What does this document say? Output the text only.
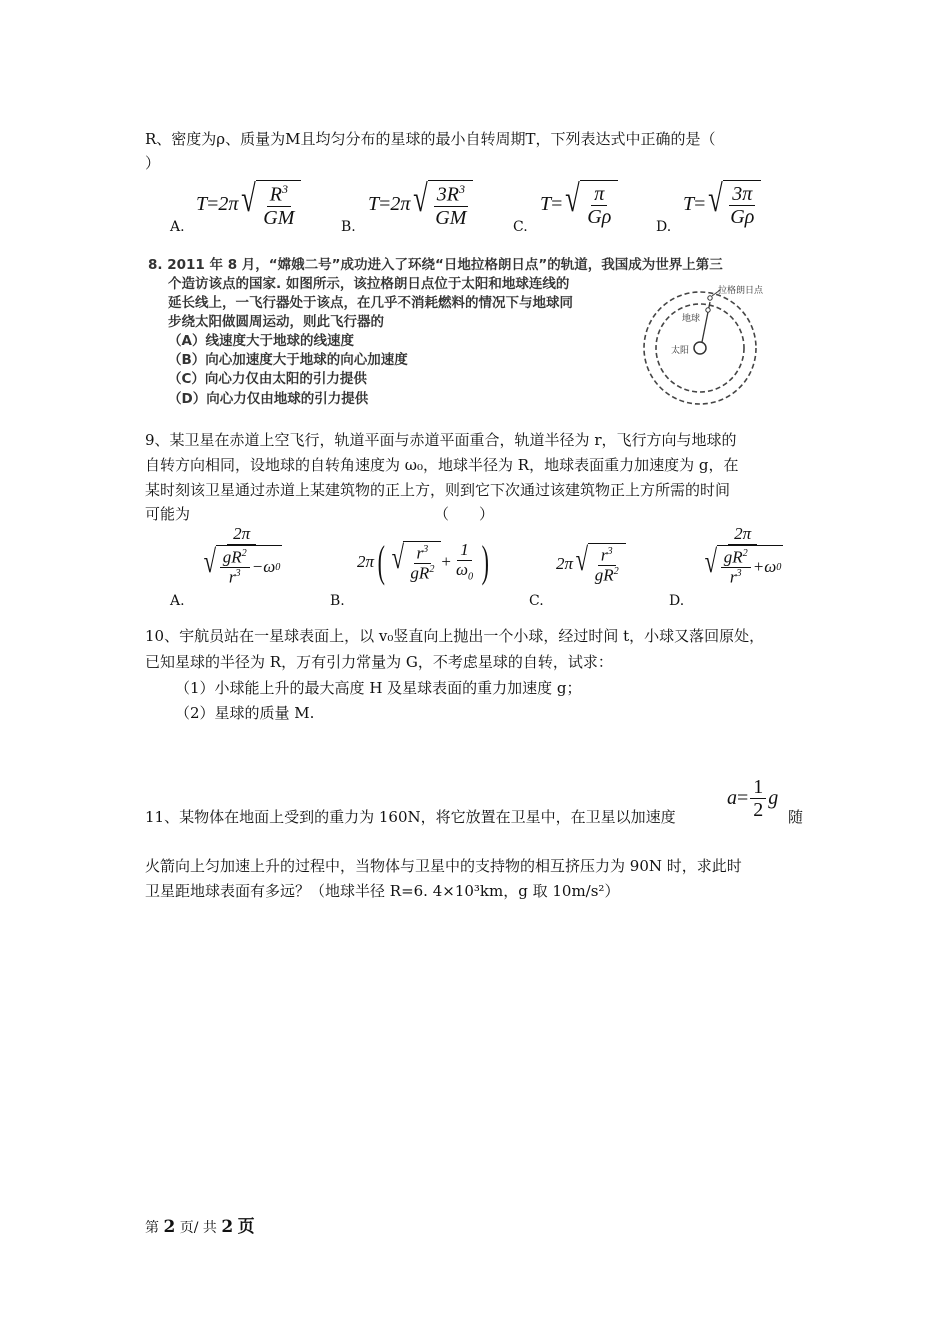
R、密度为ρ、质量为M且均匀分布的星球的最小自转周期T，下列表达式中正确的是（
）
A.
T = 2π √ $\frac{R^3}{GM}$	B.
T = 2π √ $\frac{3R^3}{GM}$	C.
T = √ $\frac{\pi}{G\rho}$	D.
T = √ $\frac{3\pi}{G\rho}$
8. 2011 年 8 月，“嫦娥二号”成功进入了环绕“日地拉格朗日点”的轨道，我国成为世界上第三
个造访该点的国家. 如图所示，该拉格朗日点位于太阳和地球连线的
延长线上，一飞行器处于该点，在几乎不消耗燃料的情况下与地球同
步绕太阳做圆周运动，则此飞行器的
（A）线速度大于地球的线速度
（B）向心加速度大于地球的向心加速度
（C）向心力仅由太阳的引力提供
（D）向心力仅由地球的引力提供
拉格朗日点
地球
太阳
9、某卫星在赤道上空飞行，轨道平面与赤道平面重合，轨道半径为 r，飞行方向与地球的
自转方向相同，设地球的自转角速度为 ω₀，地球半径为 R，地球表面重力加速度为 g，在
某时刻该卫星通过赤道上某建筑物的正上方，则到它下次通过该建筑物正上方所需的时间
可能为	（　　）
A.
$\frac{2\pi}{√ \frac{gR^2}{r^3} -\omega 0}$
B.
2π ( √ $\frac{r^3}{gR^2} + \frac{1}{\omega_0}$ )
C.
2π √ $\frac{r^3}{gR^2}$
D.
$\frac{2\pi}{√ \frac{gR^2}{r^3} +\omega 0}$
10、宇航员站在一星球表面上，以 v₀竖直向上抛出一个小球，经过时间 t，小球又落回原处，
已知星球的半径为 R，万有引力常量为 G，不考虑星球的自转，试求：
（1）小球能上升的最大高度 H 及星球表面的重力加速度 g；
（2）星球的质量 M.
11、某物体在地面上受到的重力为 160N，将它放置在卫星中，在卫星以加速度
$a = \frac{1}{2}$ g
随
火箭向上匀加速上升的过程中，当物体与卫星中的支持物的相互挤压力为 90N 时，求此时
卫星距地球表面有多远？（地球半径 R=6. 4×10³km，g 取 10m/s²）
第 2 页/ 共 2 页
